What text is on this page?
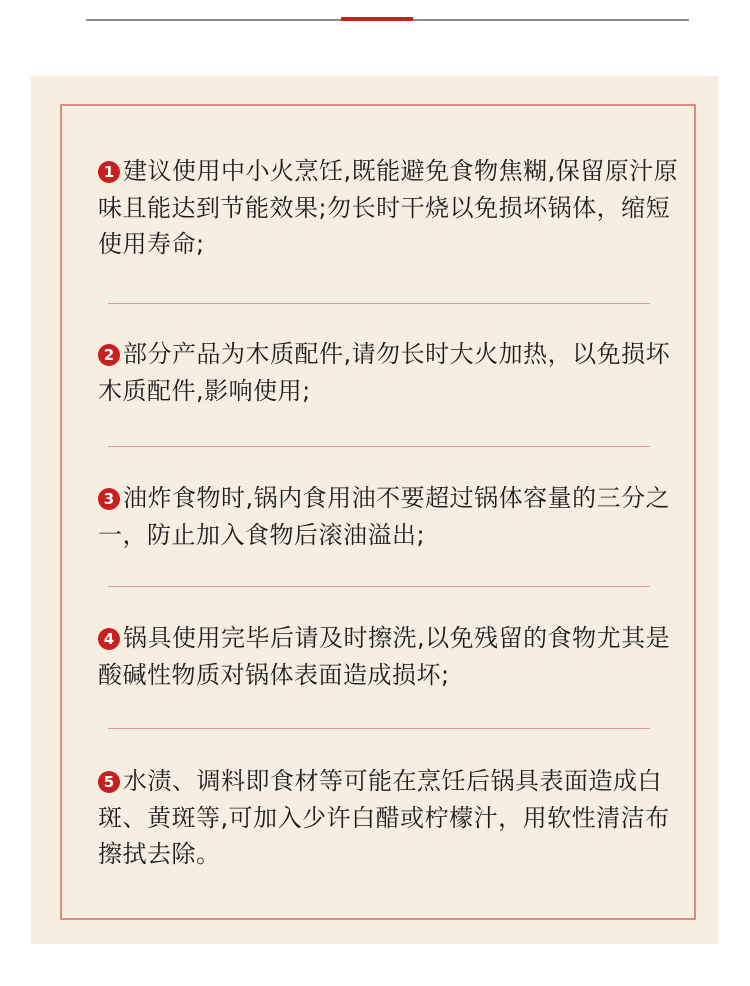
1 建议使用中小火烹饪,既能避免食物焦糊,保留原汁原味且能达到节能效果;勿长时干烧以免损坏锅体，缩短使用寿命;
2 部分产品为木质配件,请勿长时大火加热，以免损坏木质配件,影响使用;
3 油炸食物时,锅内食用油不要超过锅体容量的三分之一，防止加入食物后滚油溢出;
4 锅具使用完毕后请及时擦洗,以免残留的食物尤其是酸碱性物质对锅体表面造成损坏;
5 水渍、调料即食材等可能在烹饪后锅具表面造成白斑、黄斑等,可加入少许白醋或柠檬汁，用软性清洁布擦拭去除。
